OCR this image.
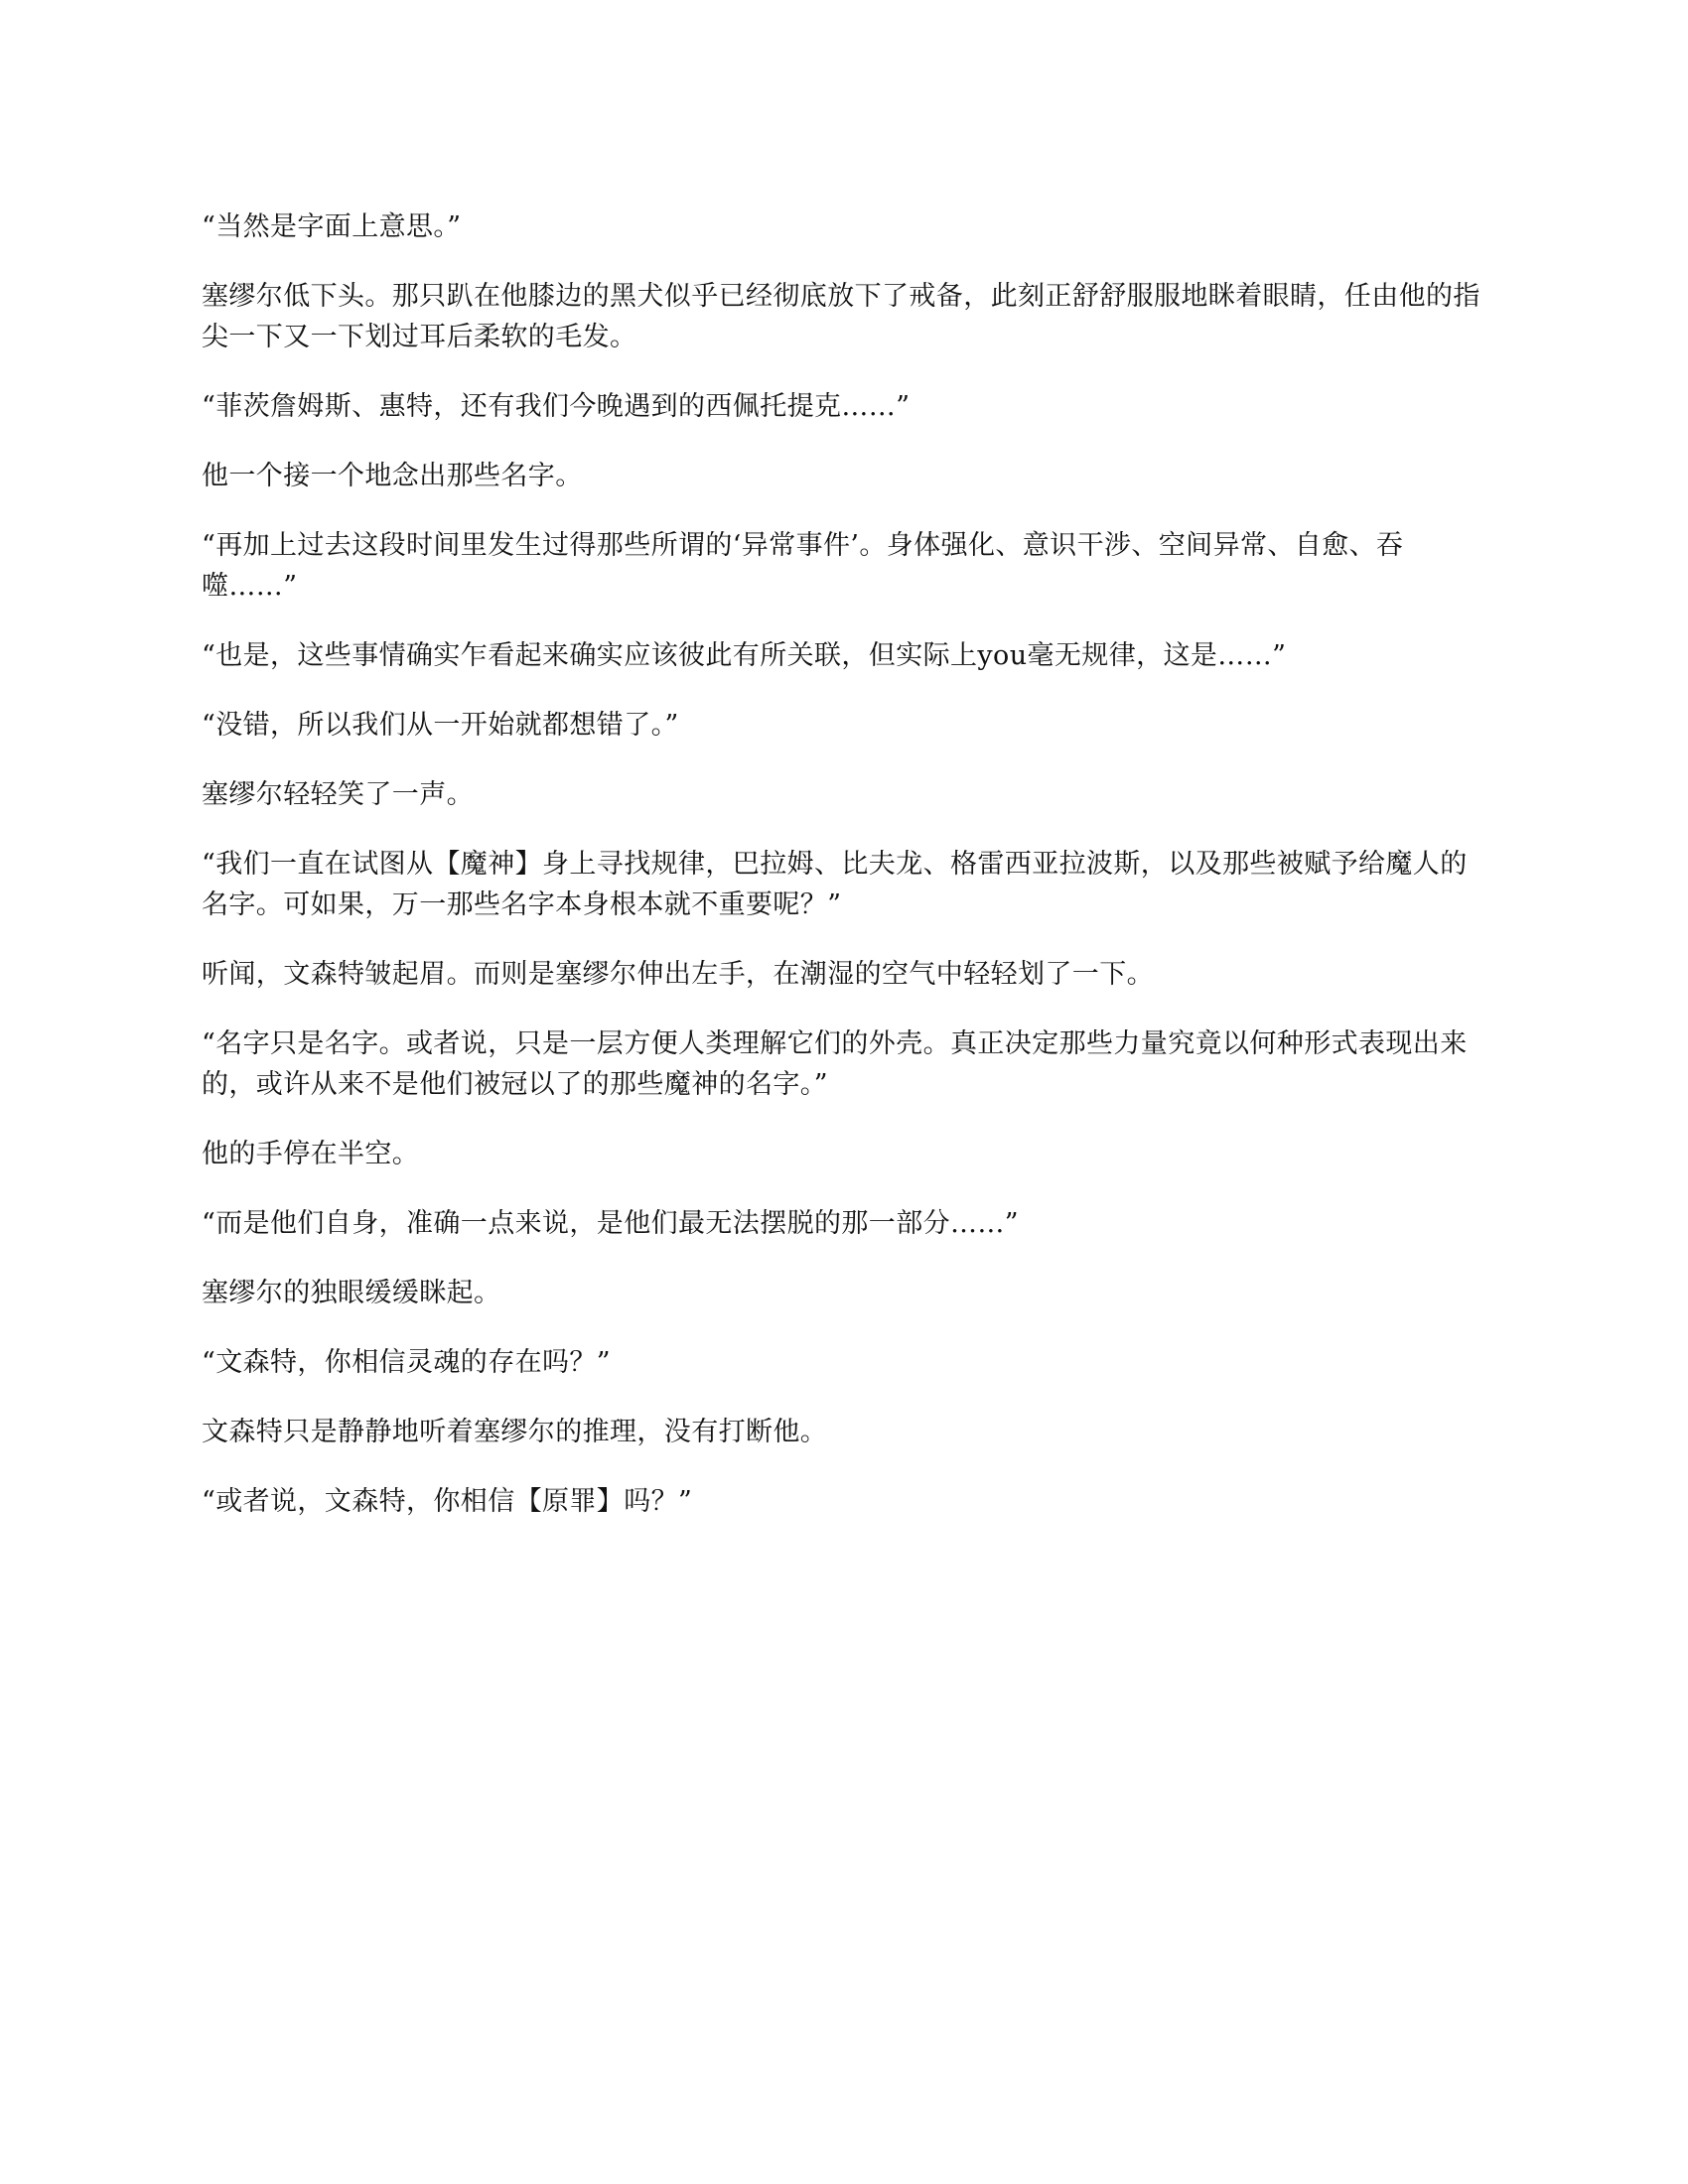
“当然是字面上意思。”

塞缪尔低下头。那只趴在他膝边的黑犬似乎已经彻底放下了戒备，此刻正舒舒服服地眯着眼睛，任由他的指尖一下又一下划过耳后柔软的毛发。

“菲茨詹姆斯、惠特，还有我们今晚遇到的西佩托提克……”

他一个接一个地念出那些名字。

“再加上过去这段时间里发生过得那些所谓的‘异常事件’。身体强化、意识干涉、空间异常、自愈、吞噬……”

“也是，这些事情确实乍看起来确实应该彼此有所关联，但实际上you毫无规律，这是……”

“没错，所以我们从一开始就都想错了。”

塞缪尔轻轻笑了一声。

“我们一直在试图从【魔神】身上寻找规律，巴拉姆、比夫龙、格雷西亚拉波斯，以及那些被赋予给魔人的名字。可如果，万一那些名字本身根本就不重要呢？”

听闻，文森特皱起眉。而则是塞缪尔伸出左手，在潮湿的空气中轻轻划了一下。

“名字只是名字。或者说，只是一层方便人类理解它们的外壳。真正决定那些力量究竟以何种形式表现出来的，或许从来不是他们被冠以了的那些魔神的名字。”

他的手停在半空。

“而是他们自身，准确一点来说，是他们最无法摆脱的那一部分……”

塞缪尔的独眼缓缓眯起。

“文森特，你相信灵魂的存在吗？”

文森特只是静静地听着塞缪尔的推理，没有打断他。

“或者说，文森特，你相信【原罪】吗？”
